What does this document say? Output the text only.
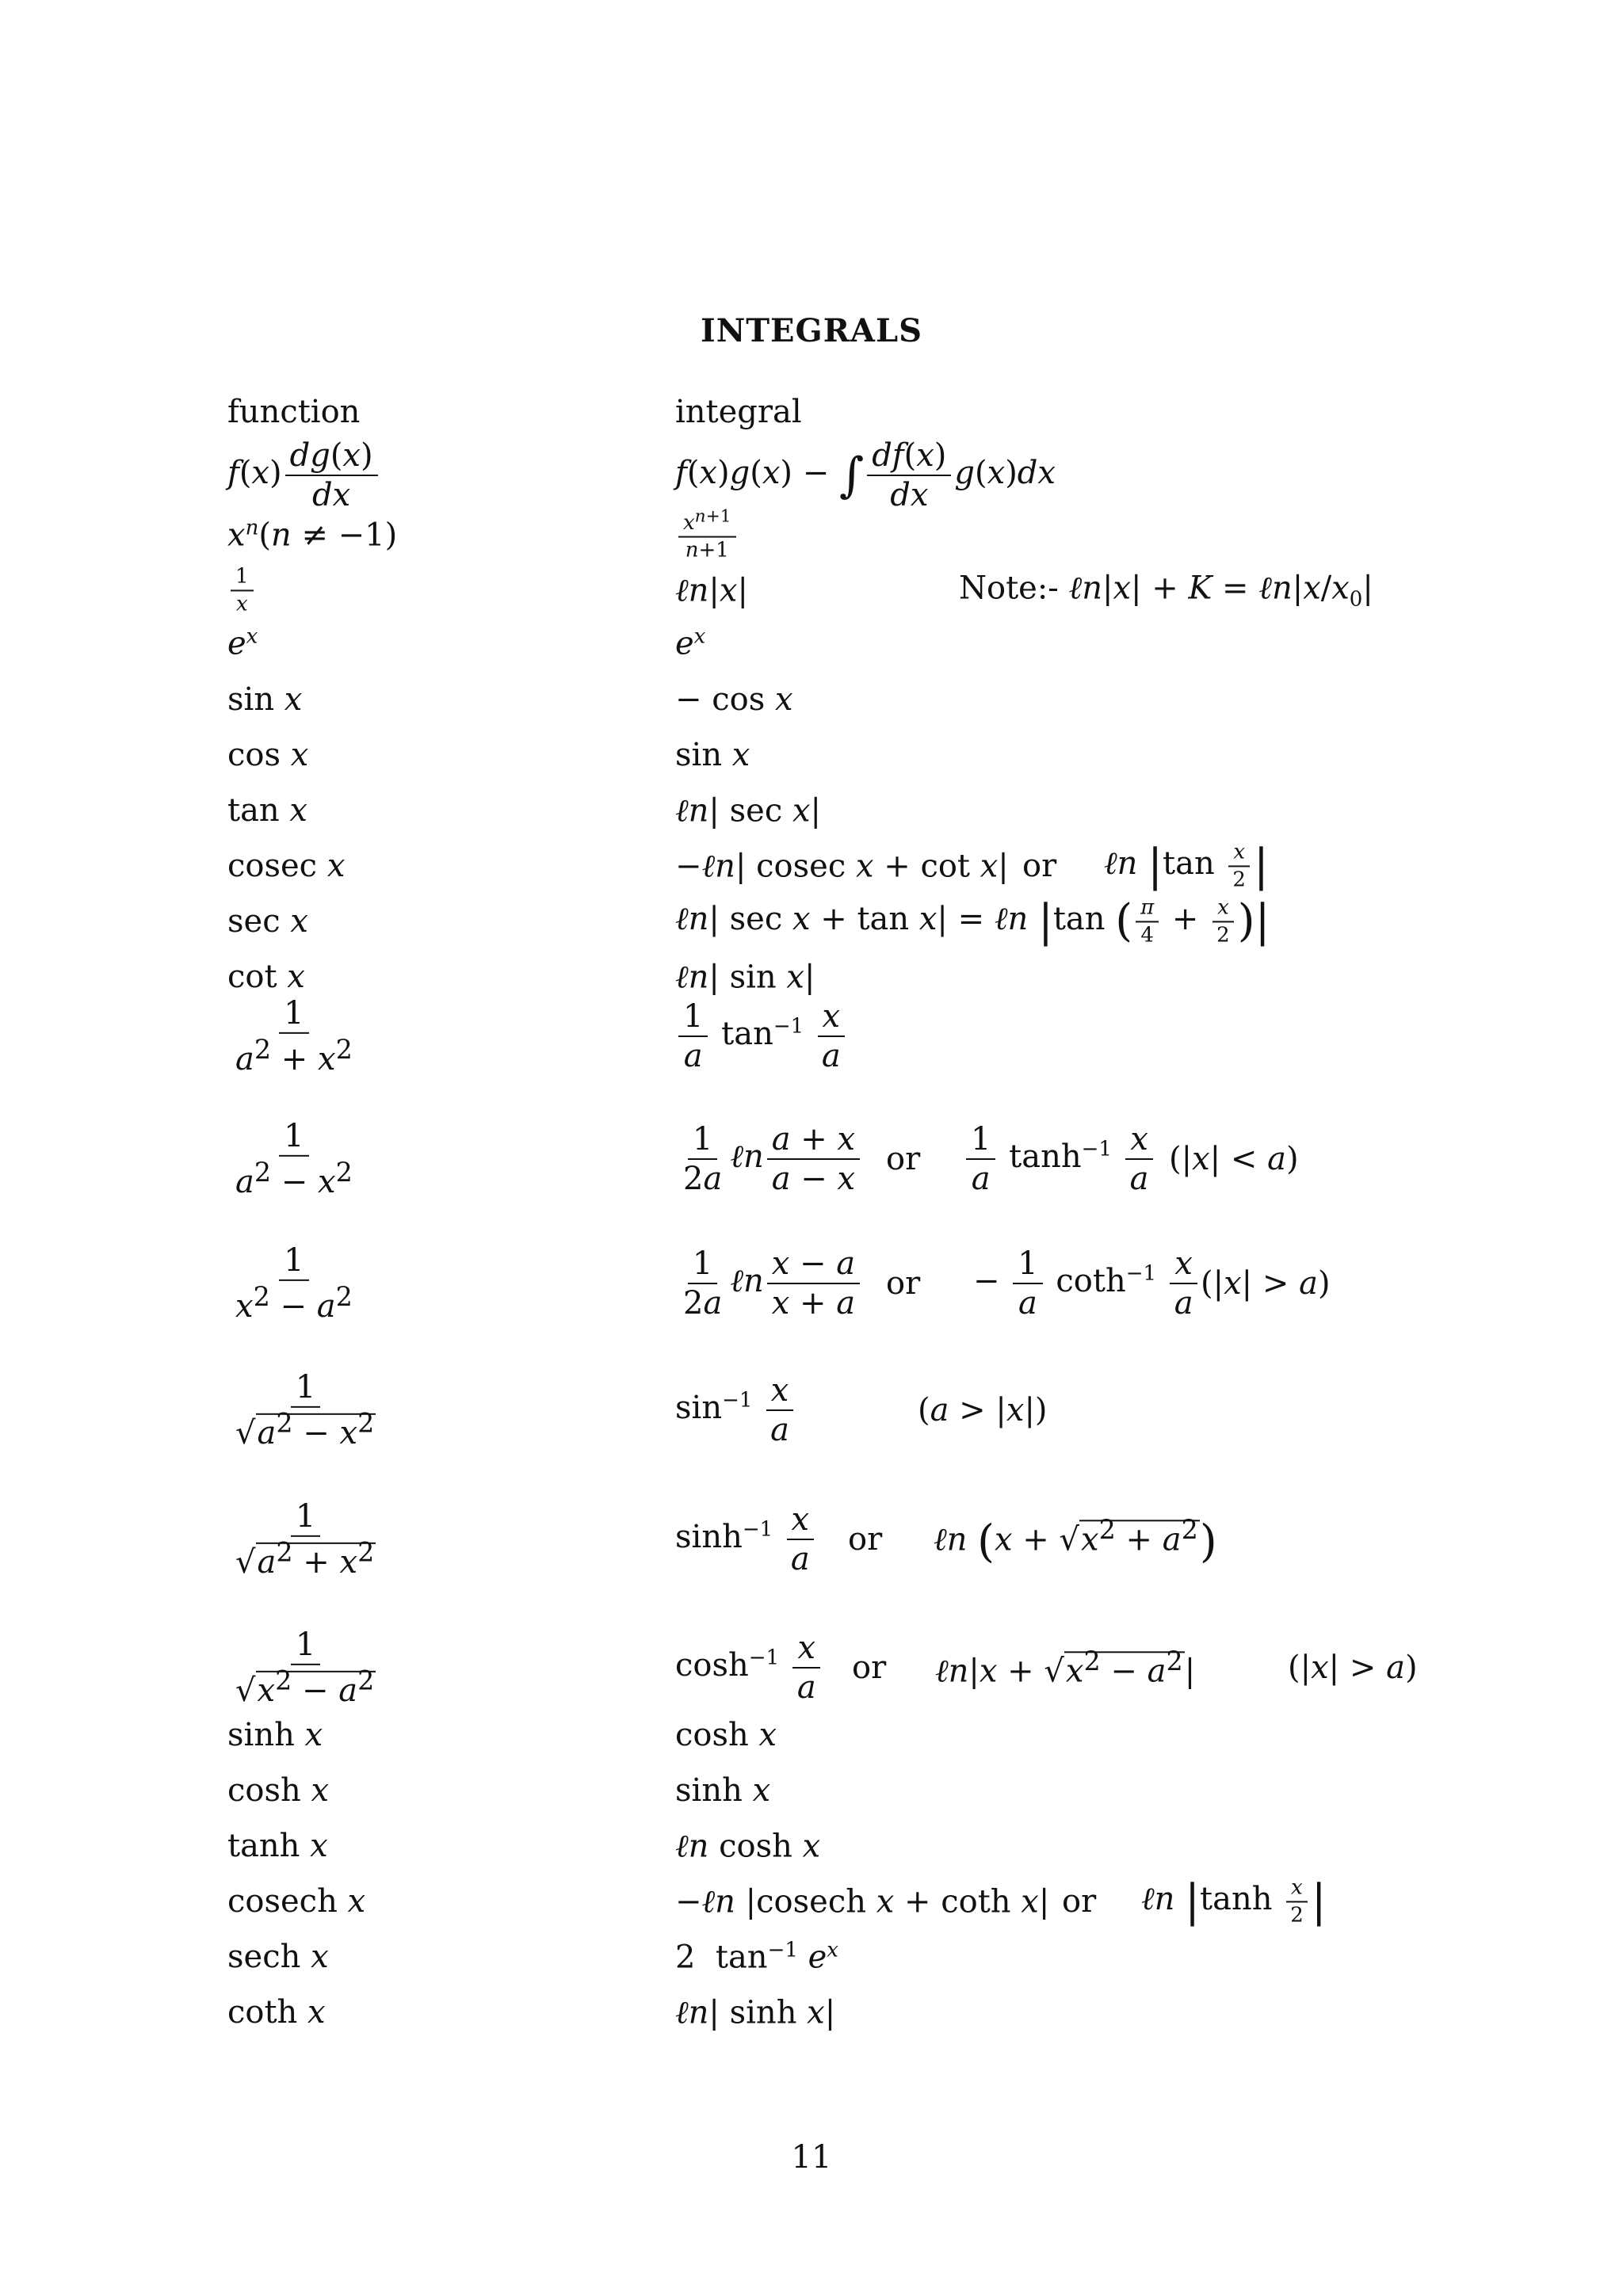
INTEGRALS
function	integral
$f(x) \frac{dg(x)}{dx}$	f(x)g(x) − ∫ $\frac{df(x)}{dx} g(x)dx$
$x^n(n \ne -1)$	$\frac{x^{n+1}}{n+1}$
$\frac{1}{x}$	ℓn|x|	Note:- ℓn|x| + $K = \ell n|x/x_0|$
$e^x$	$e^x$
sin x	− cos x
cos x	sin x
tan x	ℓn| sec x|
cosec x	−ℓn| cosec x + cot x| or ℓn $|\tan \frac{x}{2}$ |
sec x	ℓn| sec x + tan x| = ℓn |tan ( $\frac{\pi}{4} + \frac{x}{2}$ )|
cot x	ℓn| sin x|
$\frac{1}{a^2 + x^2}$	$\frac{1}{a} \tan^{-1} \frac{x}{a}$
$\frac{1}{a^2 - x^2}$	$\frac{1}{2a}$ ℓn $\frac{a + x}{a - x}$ or $\frac{1}{a} \tanh^{-1} \frac{x}{a} (|x| < a)$
$\frac{1}{x^2 - a^2}$	$\frac{1}{2a}$ ℓn $\frac{x - a}{x + a}$ or − $\frac{1}{a} \cot h^{-1} \frac{x}{a} (|x| > a)$
$\frac{1}{√a^2 - x^2}$	$\sin^{-1} \frac{x}{a}$	(a > |x|)
$\frac{1}{√a^2 + x^2}$	$\sinh^{-1} \frac{x}{a}$ or ℓn $(x + √x^2 + a^2)$
$\frac{1}{√x^2 - a^2}$	$\cosh^{-1} \frac{x}{a}$ or ℓn|x + $√x^2 - a^2|$	(|x| > a)
sinh x	cosh x
cosh x	sinh x
tanh x	ℓn cosh x
cosech x	−ℓn |cosech x + coth x| or ℓn $|\tanh \frac{x}{2}$ |
sech x	2  $\tan^{-1} e^x$
coth x	ℓn| sinh x|
11
